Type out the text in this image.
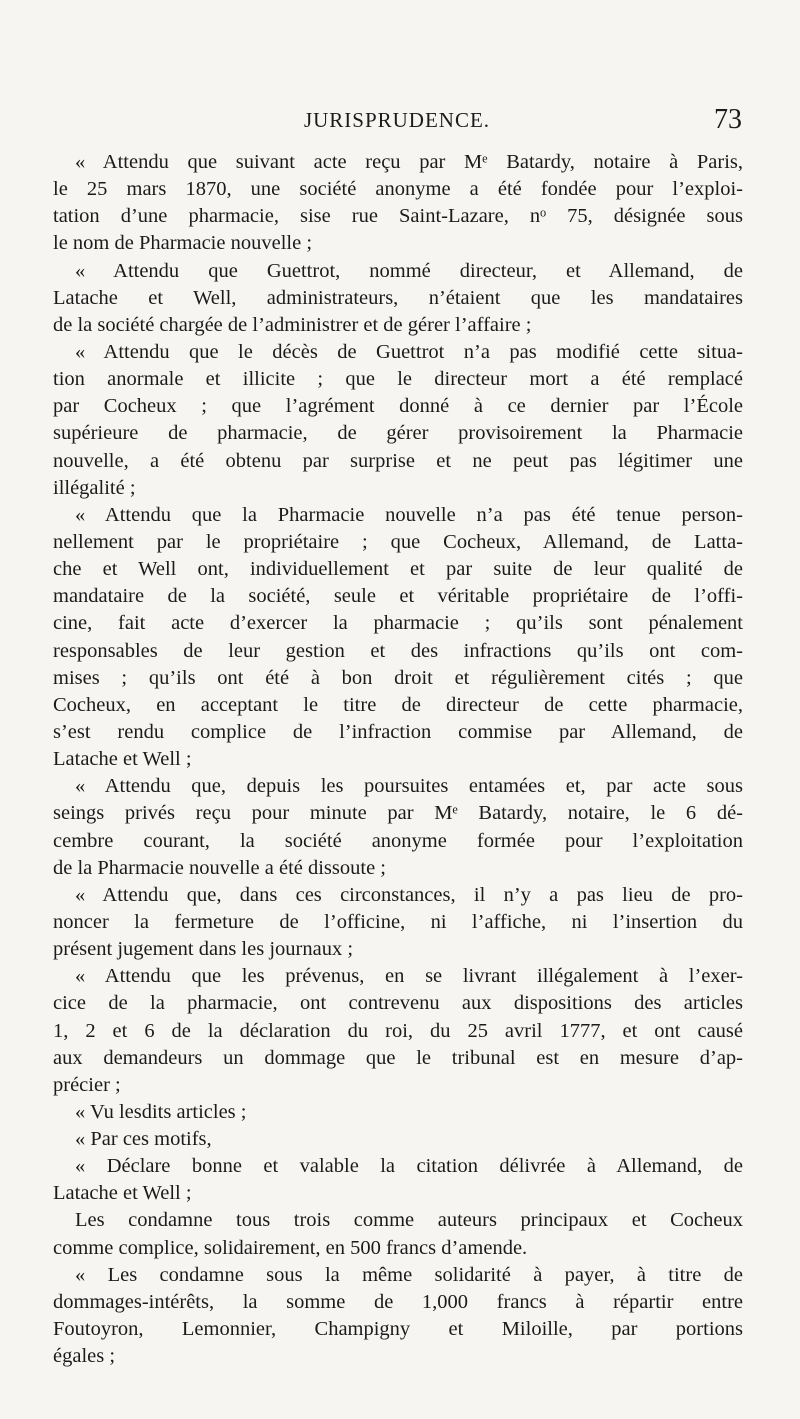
JURISPRUDENCE.	73
« Attendu que suivant acte reçu par Mᵉ Batardy, notaire à Paris,
le 25 mars 1870, une société anonyme a été fondée pour l’exploi-
tation d’une pharmacie, sise rue Saint-Lazare, nᵒ 75, désignée sous
le nom de Pharmacie nouvelle ;
« Attendu que Guettrot, nommé directeur, et Allemand, de
Latache et Well, administrateurs, n’étaient que les mandataires
de la société chargée de l’administrer et de gérer l’affaire ;
« Attendu que le décès de Guettrot n’a pas modifié cette situa-
tion anormale et illicite ; que le directeur mort a été remplacé
par Cocheux ; que l’agrément donné à ce dernier par l’École
supérieure de pharmacie, de gérer provisoirement la Pharmacie
nouvelle, a été obtenu par surprise et ne peut pas légitimer une
illégalité ;
« Attendu que la Pharmacie nouvelle n’a pas été tenue person-
nellement par le propriétaire ; que Cocheux, Allemand, de Latta-
che et Well ont, individuellement et par suite de leur qualité de
mandataire de la société, seule et véritable propriétaire de l’offi-
cine, fait acte d’exercer la pharmacie ; qu’ils sont pénalement
responsables de leur gestion et des infractions qu’ils ont com-
mises ; qu’ils ont été à bon droit et régulièrement cités ; que
Cocheux, en acceptant le titre de directeur de cette pharmacie,
s’est rendu complice de l’infraction commise par Allemand, de
Latache et Well ;
« Attendu que, depuis les poursuites entamées et, par acte sous
seings privés reçu pour minute par Mᵉ Batardy, notaire, le 6 dé-
cembre courant, la société anonyme formée pour l’exploitation
de la Pharmacie nouvelle a été dissoute ;
« Attendu que, dans ces circonstances, il n’y a pas lieu de pro-
noncer la fermeture de l’officine, ni l’affiche, ni l’insertion du
présent jugement dans les journaux ;
« Attendu que les prévenus, en se livrant illégalement à l’exer-
cice de la pharmacie, ont contrevenu aux dispositions des articles
1, 2 et 6 de la déclaration du roi, du 25 avril 1777, et ont causé
aux demandeurs un dommage que le tribunal est en mesure d’ap-
précier ;
« Vu lesdits articles ;
« Par ces motifs,
« Déclare bonne et valable la citation délivrée à Allemand, de
Latache et Well ;
Les condamne tous trois comme auteurs principaux et Cocheux
comme complice, solidairement, en 500 francs d’amende.
« Les condamne sous la même solidarité à payer, à titre de
dommages-intérêts, la somme de 1,000 francs à répartir entre
Foutoyron, Lemonnier, Champigny et Miloille, par portions
égales ;
